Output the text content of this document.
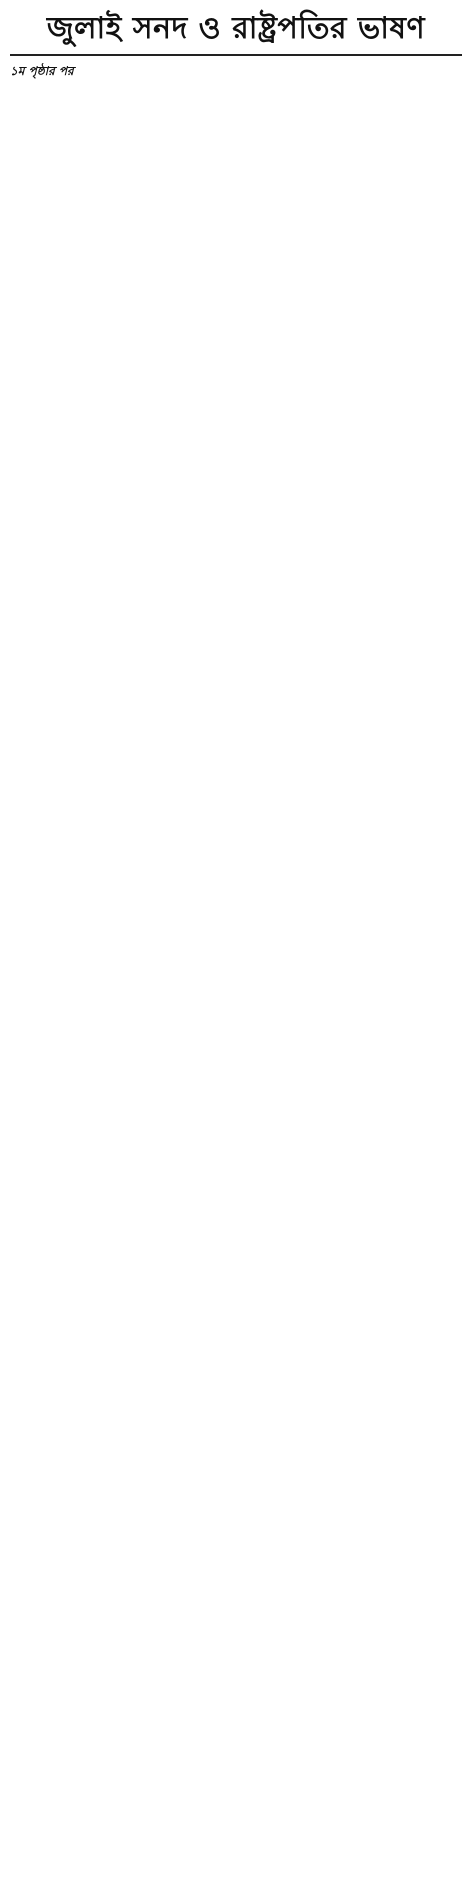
জুলাই সনদ ও রাষ্ট্রপতির ভাষণ
১ম পৃষ্ঠার পর
